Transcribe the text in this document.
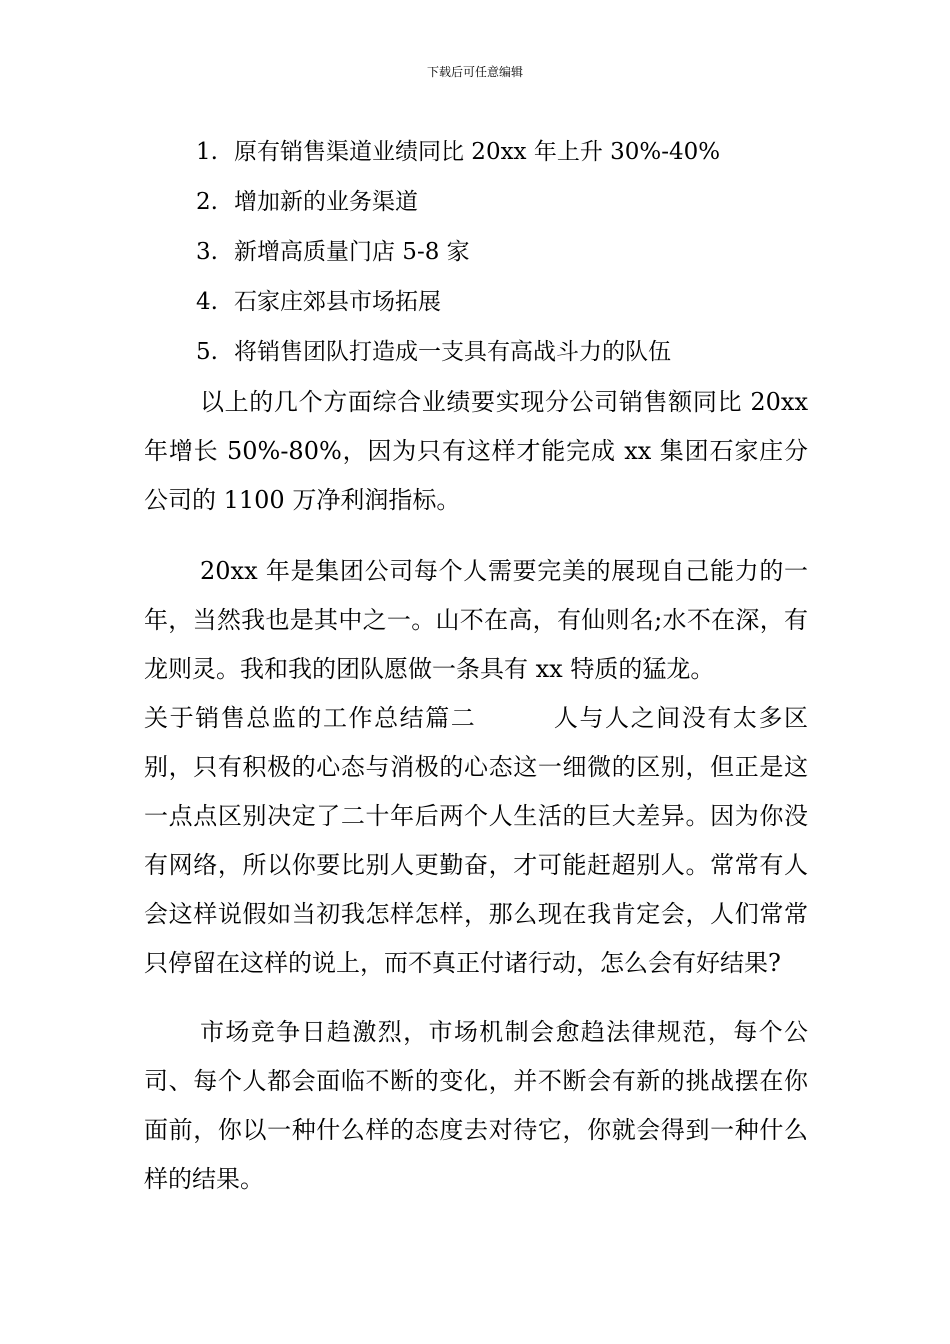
下载后可任意编辑
1. 原有销售渠道业绩同比 20xx 年上升 30%-40%
2. 增加新的业务渠道
3. 新增高质量门店 5-8 家
4. 石家庄郊县市场拓展
5. 将销售团队打造成一支具有高战斗力的队伍

以上的几个方面综合业绩要实现分公司销售额同比 20xx 年增长 50%-80%，因为只有这样才能完成 xx 集团石家庄分公司的 1100 万净利润指标。

20xx 年是集团公司每个人需要完美的展现自己能力的一年，当然我也是其中之一。山不在高，有仙则名;水不在深，有龙则灵。我和我的团队愿做一条具有 xx 特质的猛龙。

关于销售总监的工作总结篇二	人与人之间没有太多区别，只有积极的心态与消极的心态这一细微的区别，但正是这一点点区别决定了二十年后两个人生活的巨大差异。因为你没有网络，所以你要比别人更勤奋，才可能赶超别人。常常有人会这样说假如当初我怎样怎样，那么现在我肯定会，人们常常只停留在这样的说上，而不真正付诸行动，怎么会有好结果?

市场竞争日趋激烈，市场机制会愈趋法律规范，每个公司、每个人都会面临不断的变化，并不断会有新的挑战摆在你面前，你以一种什么样的态度去对待它，你就会得到一种什么样的结果。
